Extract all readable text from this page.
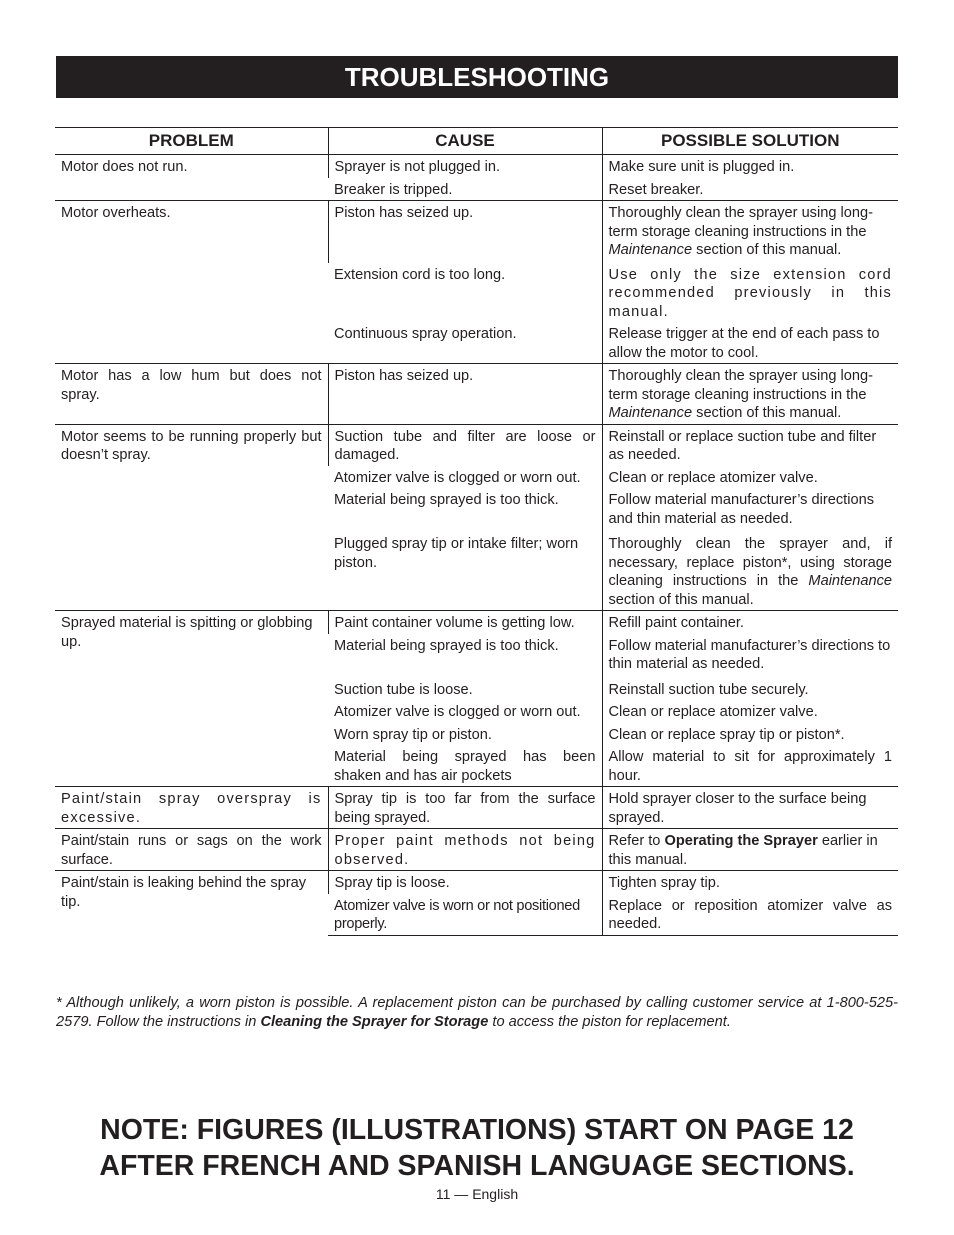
TROUBLESHOOTING
PROBLEM	CAUSE	POSSIBLE SOLUTION
Motor does not run.	Sprayer is not plugged in.	Make sure unit is plugged in.
	Breaker is tripped.	Reset breaker.
Motor overheats.	Piston has seized up.	Thoroughly clean the sprayer using long-term storage cleaning instructions in the Maintenance section of this manual.
	Extension cord is too long.	Use only the size extension cord recommended previously in this manual.
	Continuous spray operation.	Release trigger at the end of each pass to allow the motor to cool.
Motor has a low hum but does not spray.	Piston has seized up.	Thoroughly clean the sprayer using long-term storage cleaning instructions in the Maintenance section of this manual.
Motor seems to be running properly but doesn’t spray.	Suction tube and filter are loose or damaged.	Reinstall or replace suction tube and filter as needed.
	Atomizer valve is clogged or worn out.	Clean or replace atomizer valve.
	Material being sprayed is too thick.	Follow material manufacturer’s directions and thin material as needed.
	Plugged spray tip or intake filter; worn piston.	Thoroughly clean the sprayer and, if necessary, replace piston*, using storage cleaning instructions in the Maintenance section of this manual.
Sprayed material is spitting or globbing up.	Paint container volume is getting low.	Refill paint container.
	Material being sprayed is too thick.	Follow material manufacturer’s directions to thin material as needed.
	Suction tube is loose.	Reinstall suction tube securely.
	Atomizer valve is clogged or worn out.	Clean or replace atomizer valve.
	Worn spray tip or piston.	Clean or replace spray tip or piston*.
	Material being sprayed has been shaken and has air pockets	Allow material to sit for approximately 1 hour.
Paint/stain spray overspray is excessive.	Spray tip is too far from the surface being sprayed.	Hold sprayer closer to the surface being sprayed.
Paint/stain runs or sags on the work surface.	Proper paint methods not being observed.	Refer to Operating the Sprayer earlier in this manual.
Paint/stain is leaking behind the spray tip.	Spray tip is loose.	Tighten spray tip.
	Atomizer valve is worn or not positioned properly.	Replace or reposition atomizer valve as needed.
* Although unlikely, a worn piston is possible. A replacement piston can be purchased by calling customer service at 1-800-525-2579. Follow the instructions in Cleaning the Sprayer for Storage to access the piston for replacement.
NOTE: FIGURES (ILLUSTRATIONS) START ON PAGE 12
AFTER FRENCH AND SPANISH LANGUAGE SECTIONS.
11 — English
